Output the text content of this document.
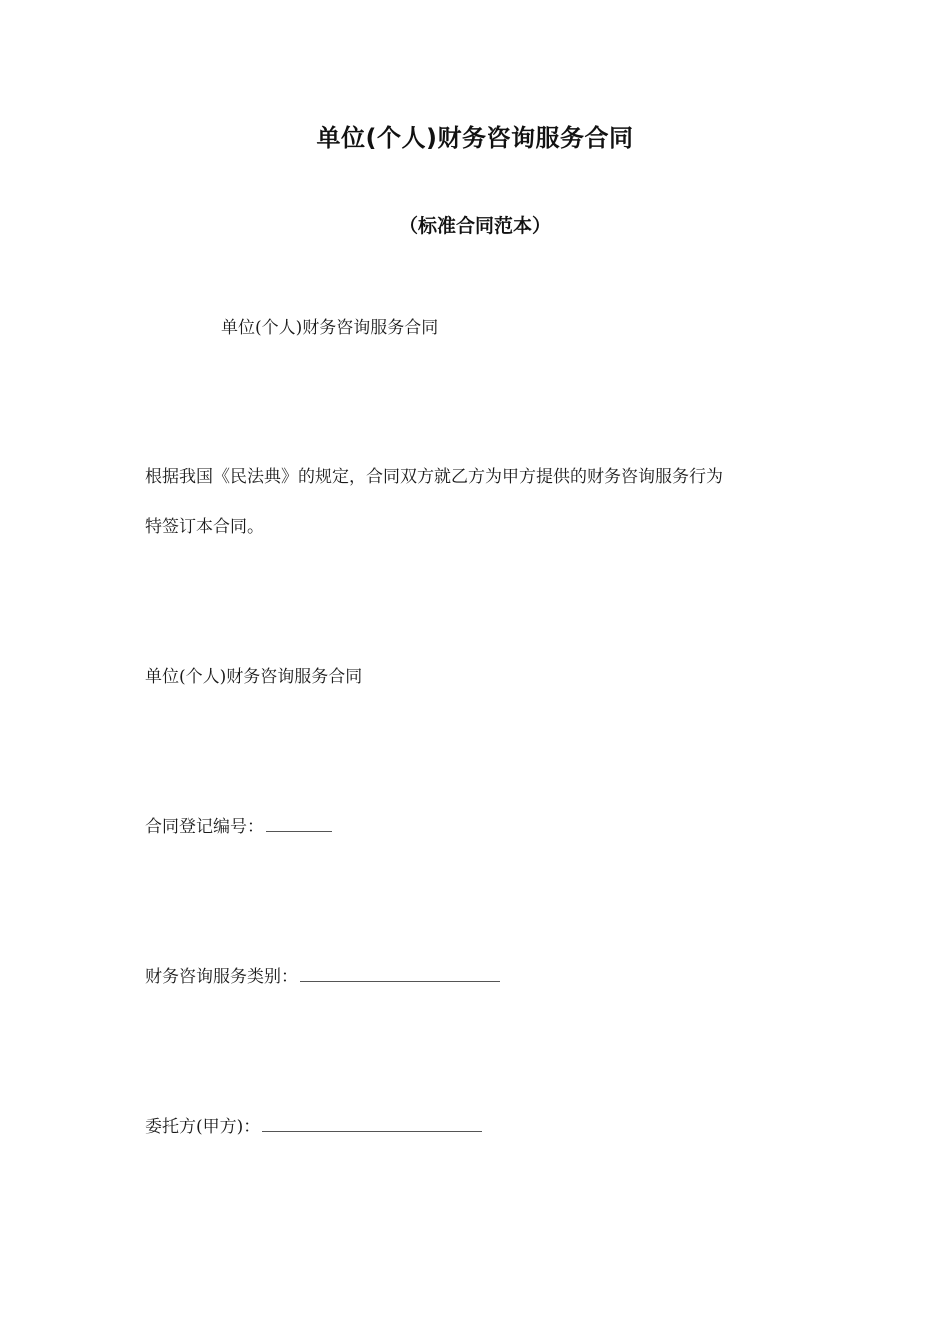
单位(个人)财务咨询服务合同
（标准合同范本）
单位(个人)财务咨询服务合同
根据我国《民法典》的规定，合同双方就乙方为甲方提供的财务咨询服务行为
特签订本合同。
单位(个人)财务咨询服务合同
合同登记编号：
财务咨询服务类别：
委托方(甲方)：
